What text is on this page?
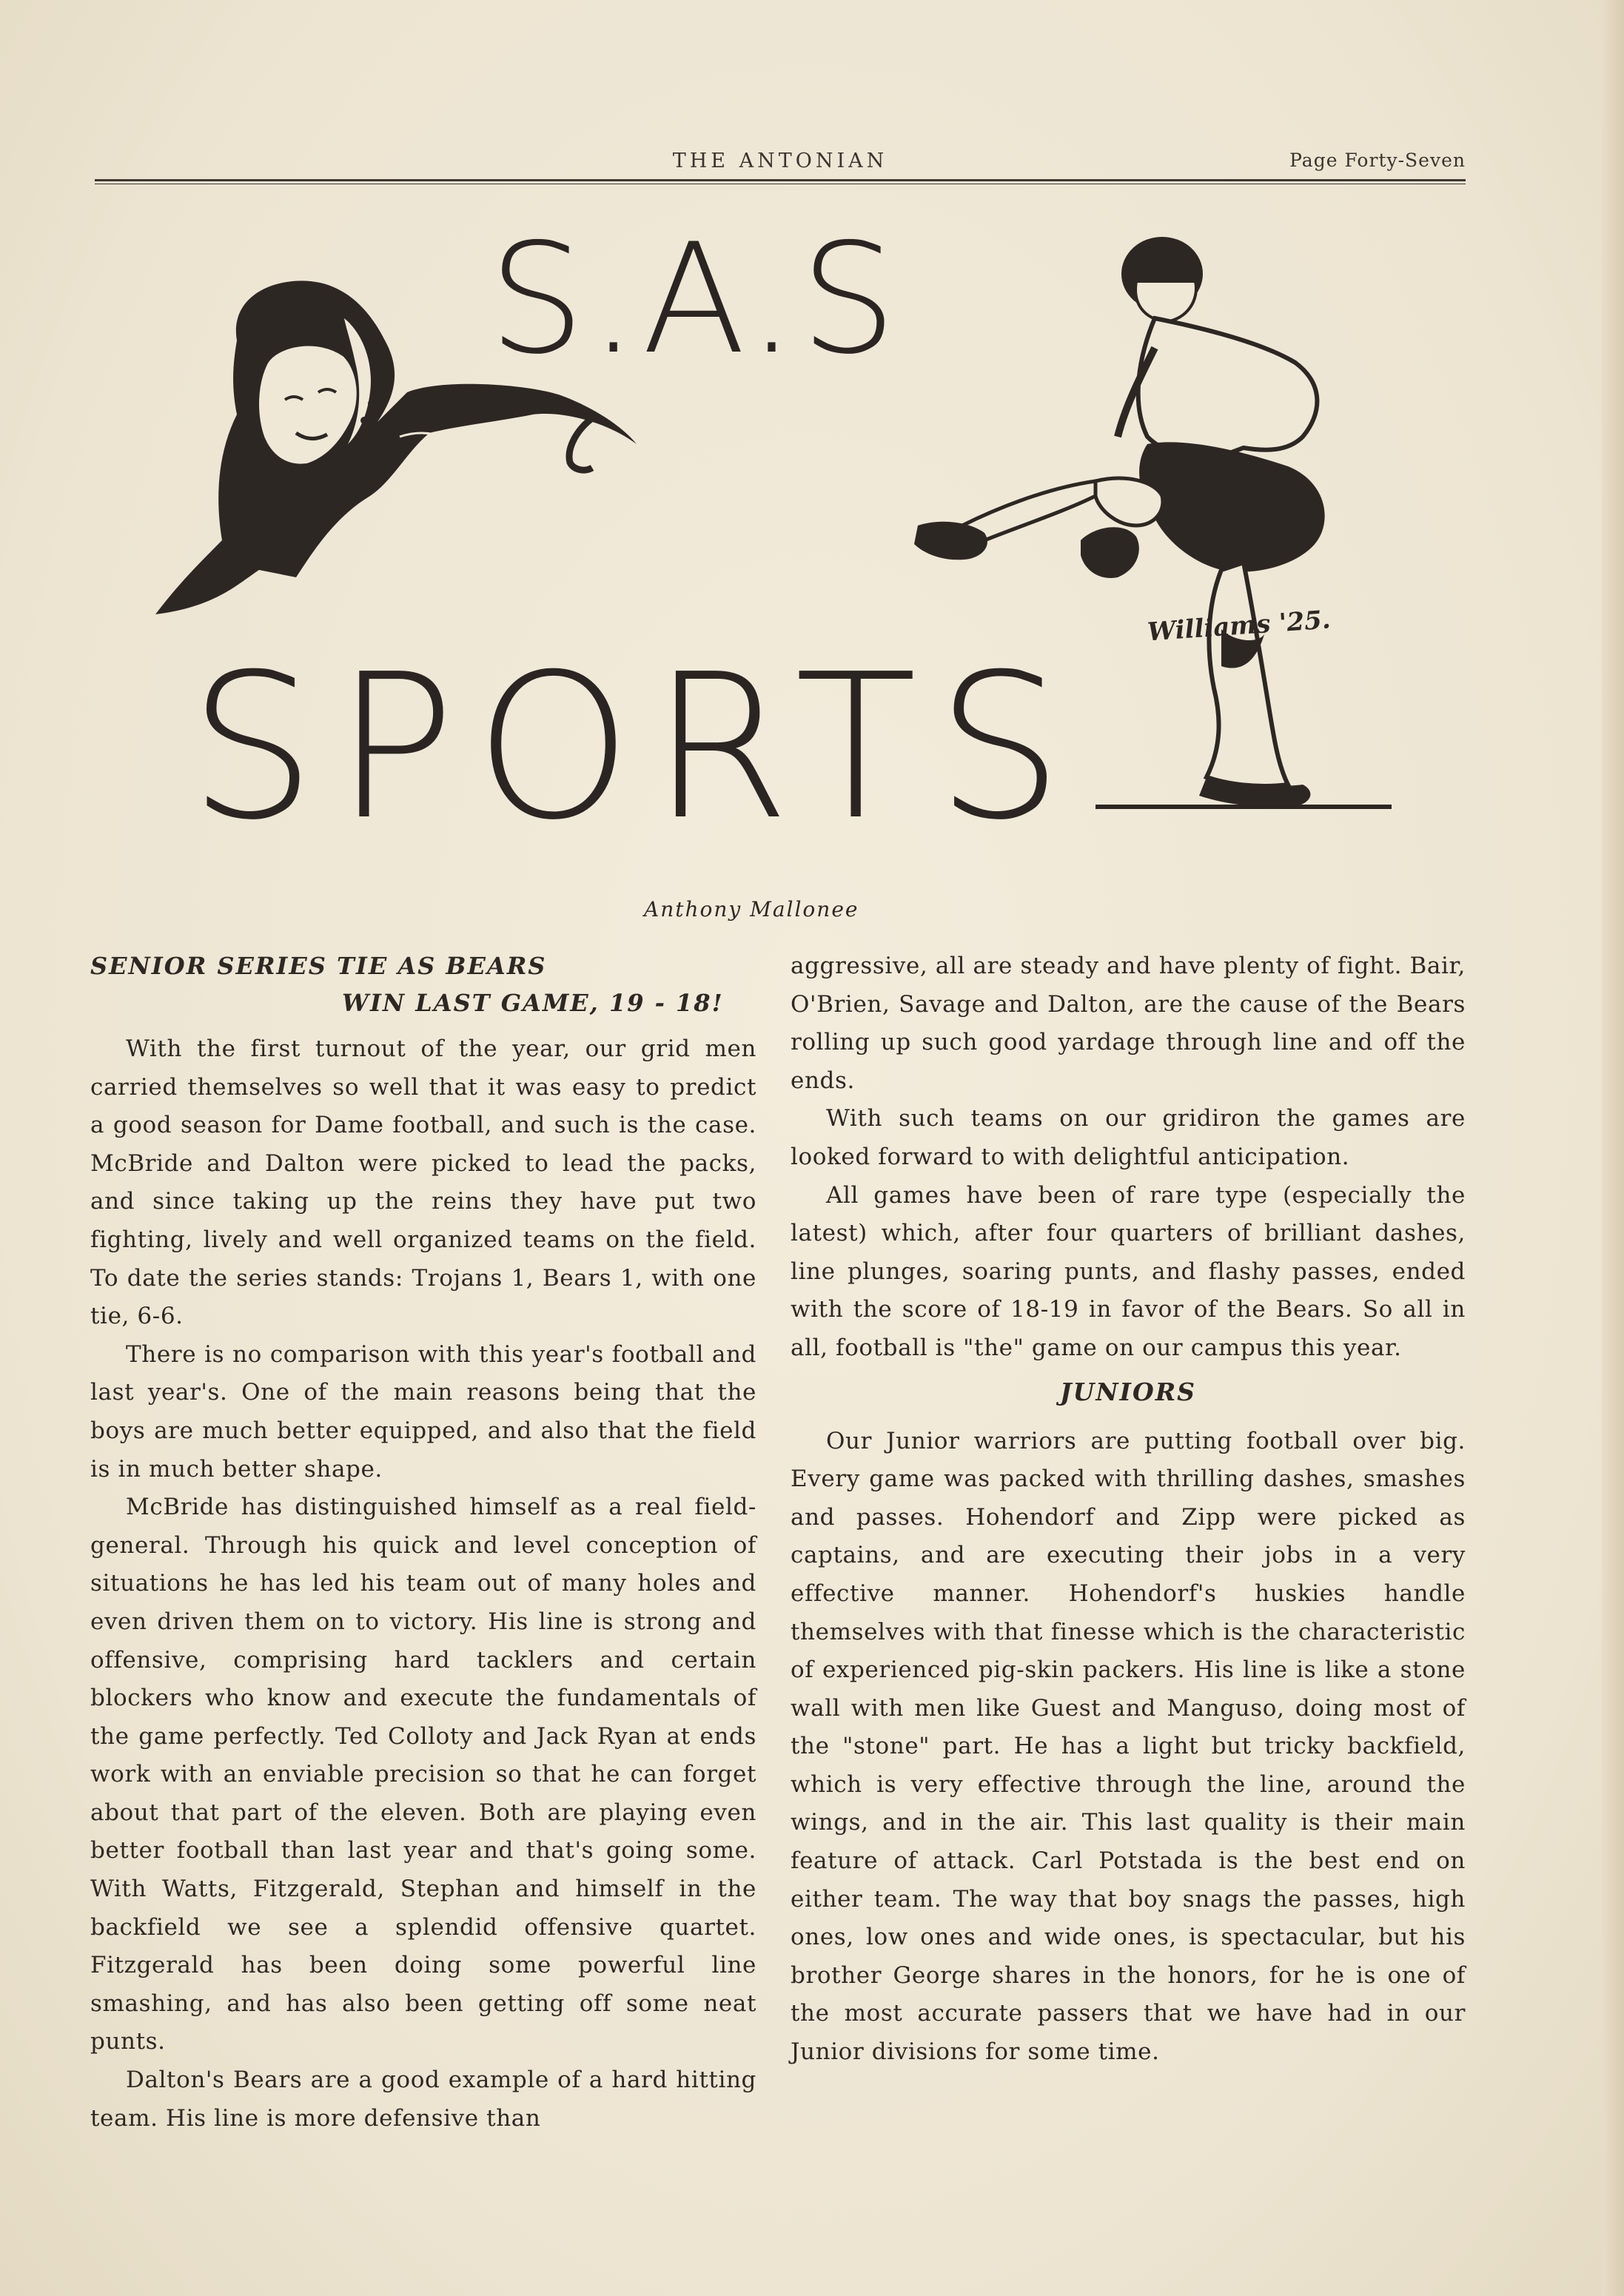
THE ANTONIAN	Page Forty-Seven
S.A.S
Williams '25.
SPORTS
Anthony Mallonee
SENIOR SERIES TIE AS BEARS
WIN LAST GAME, 19 - 18!

With the first turnout of the year, our grid men carried themselves so well that it was easy to predict a good season for Dame football, and such is the case. McBride and Dalton were picked to lead the packs, and since taking up the reins they have put two fighting, lively and well organized teams on the field. To date the series stands: Trojans 1, Bears 1, with one tie, 6-6.

There is no comparison with this year's football and last year's. One of the main reasons being that the boys are much better equipped, and also that the field is in much better shape.

McBride has distinguished himself as a real field-general. Through his quick and level conception of situations he has led his team out of many holes and even driven them on to victory. His line is strong and offensive, comprising hard tacklers and certain blockers who know and execute the fundamentals of the game perfectly. Ted Colloty and Jack Ryan at ends work with an enviable precision so that he can forget about that part of the eleven. Both are playing even better football than last year and that's going some. With Watts, Fitzgerald, Stephan and himself in the backfield we see a splendid offensive quartet. Fitzgerald has been doing some powerful line smashing, and has also been getting off some neat punts.

Dalton's Bears are a good example of a hard hitting team. His line is more defensive than

aggressive, all are steady and have plenty of fight. Bair, O'Brien, Savage and Dalton, are the cause of the Bears rolling up such good yardage through line and off the ends.

With such teams on our gridiron the games are looked forward to with delightful anticipation.

All games have been of rare type (especially the latest) which, after four quarters of brilliant dashes, line plunges, soaring punts, and flashy passes, ended with the score of 18-19 in favor of the Bears. So all in all, football is "the" game on our campus this year.

JUNIORS

Our Junior warriors are putting football over big. Every game was packed with thrilling dashes, smashes and passes. Hohendorf and Zipp were picked as captains, and are executing their jobs in a very effective manner. Hohendorf's huskies handle themselves with that finesse which is the characteristic of experienced pig-skin packers. His line is like a stone wall with men like Guest and Manguso, doing most of the "stone" part. He has a light but tricky backfield, which is very effective through the line, around the wings, and in the air. This last quality is their main feature of attack. Carl Potstada is the best end on either team. The way that boy snags the passes, high ones, low ones and wide ones, is spectacular, but his brother George shares in the honors, for he is one of the most accurate passers that we have had in our Junior divisions for some time.
